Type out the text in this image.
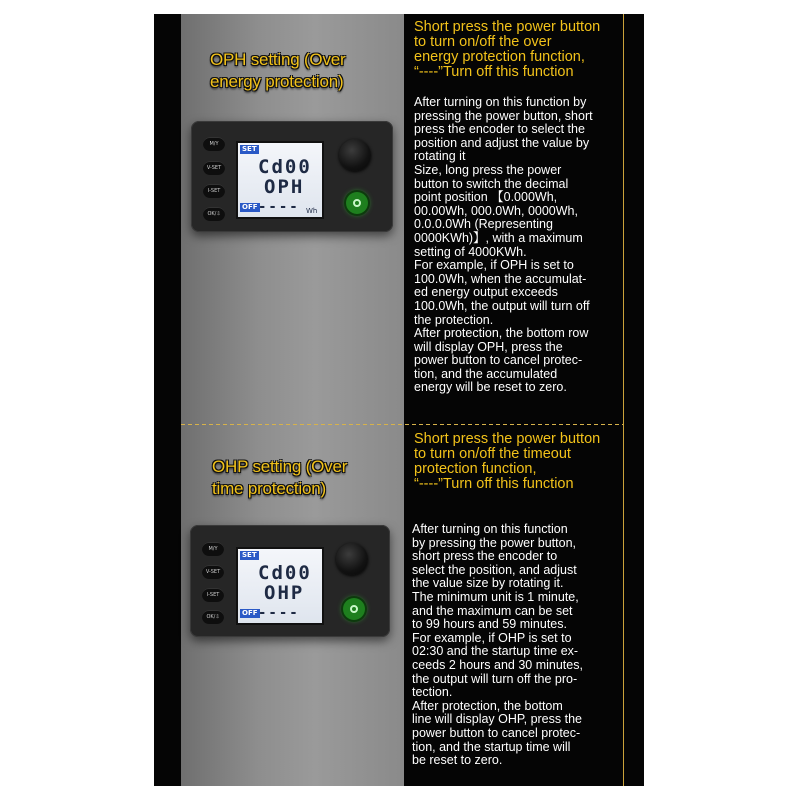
OPH setting (Over
energy protection)
M/Y
V-SET
I-SET
OK/⇩
SET
Cd00
OPH
OFF ---- Wh
Short press the power button
to turn on/off the over
energy protection function,
“----”Turn off this function
After turning on this function by
pressing the power button, short
press the encoder to select the
position and adjust the value by
rotating it
Size, long press the power
button to switch the decimal
point position 【0.000Wh,
00.00Wh, 000.0Wh, 0000Wh,
0.0.0.0Wh (Representing
0000KWh)】, with a maximum
setting of 4000KWh.
For example, if OPH is set to
100.0Wh, when the accumulat-
ed energy output exceeds
100.0Wh, the output will turn off
the protection.
After protection, the bottom row
will display OPH, press the
power button to cancel protec-
tion, and the accumulated
energy will be reset to zero.
OHP setting (Over
time protection)
M/Y
V-SET
I-SET
OK/⇩
SET
Cd00
OHP
OFF ----
Short press the power button
to turn on/off the timeout
protection function,
“----”Turn off this function
After turning on this function
by pressing the power button,
short press the encoder to
select the position, and adjust
the value size by rotating it.
The minimum unit is 1 minute,
and the maximum can be set
to 99 hours and 59 minutes.
For example, if OHP is set to
02:30 and the startup time ex-
ceeds 2 hours and 30 minutes,
the output will turn off the pro-
tection.
After protection, the bottom
line will display OHP, press the
power button to cancel protec-
tion, and the startup time will
be reset to zero.
